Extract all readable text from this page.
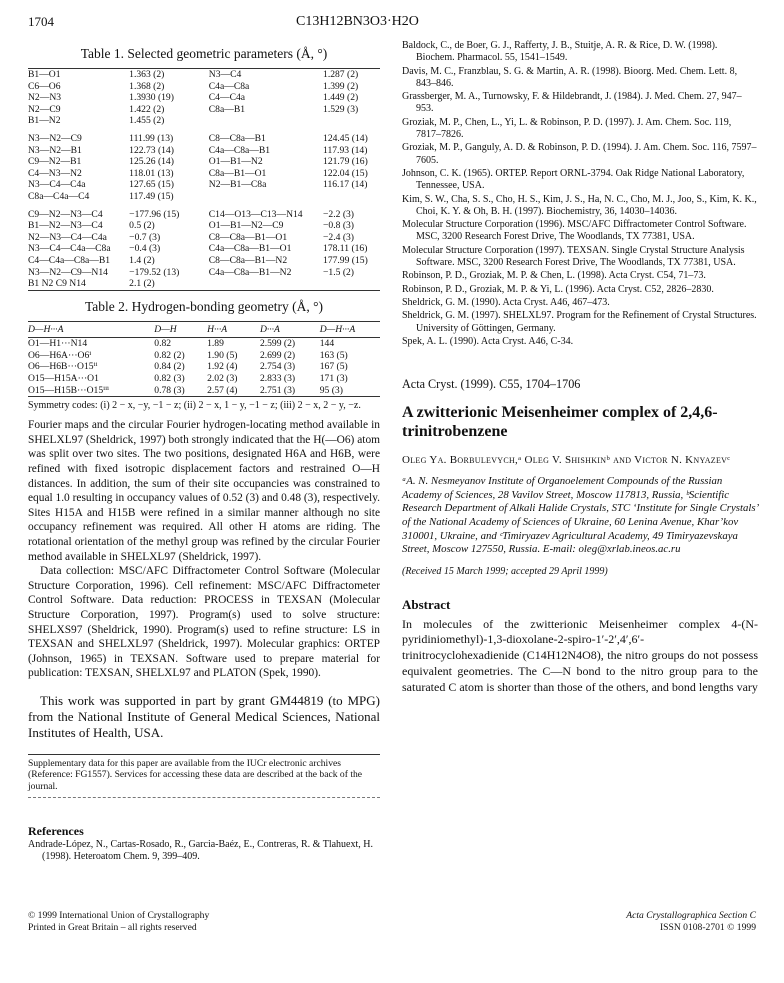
1704	C13H12BN3O3·H2O
Table 1. Selected geometric parameters (Å, °)
B1—O1	1.363 (2)	N3—C4	1.287 (2)
C6—O6	1.368 (2)	C4a—C8a	1.399 (2)
N2—N3	1.3930 (19)	C4—C4a	1.449 (2)
N2—C9	1.422 (2)	C8a—B1	1.529 (3)
B1—N2	1.455 (2)		
N3—N2—C9	111.99 (13)	C8—C8a—B1	124.45 (14)
N3—N2—B1	122.73 (14)	C4a—C8a—B1	117.93 (14)
C9—N2—B1	125.26 (14)	O1—B1—N2	121.79 (16)
C4—N3—N2	118.01 (13)	C8a—B1—O1	122.04 (15)
N3—C4—C4a	127.65 (15)	N2—B1—C8a	116.17 (14)
C8a—C4a—C4	117.49 (15)		
C9—N2—N3—C4	−177.96 (15)	C14—O13—C13—N14	−2.2 (3)
B1—N2—N3—C4	0.5 (2)	O1—B1—N2—C9	−0.8 (3)
N2—N3—C4—C4a	−0.7 (3)	C8—C8a—B1—O1	−2.4 (3)
N3—C4—C4a—C8a	−0.4 (3)	C4a—C8a—B1—O1	178.11 (16)
C4—C4a—C8a—B1	1.4 (2)	C8—C8a—B1—N2	177.99 (15)
N3—N2—C9—N14	−179.52 (13)	C4a—C8a—B1—N2	−1.5 (2)
B1 N2 C9 N14	2.1 (2)		
Table 2. Hydrogen-bonding geometry (Å, °)
D—H···A	D—H	H···A	D···A	D—H···A
O1—H1···N14	0.82	1.89	2.599 (2)	144
O6—H6A···O6ⁱ	0.82 (2)	1.90 (5)	2.699 (2)	163 (5)
O6—H6B···O15ⁱⁱ	0.84 (2)	1.92 (4)	2.754 (3)	167 (5)
O15—H15A···O1	0.82 (3)	2.02 (3)	2.833 (3)	171 (3)
O15—H15B···O15ⁱⁱⁱ	0.78 (3)	2.57 (4)	2.751 (3)	95 (3)
Symmetry codes: (i) 2 − x, −y, −1 − z; (ii) 2 − x, 1 − y, −1 − z; (iii) 2 − x, 2 − y, −z.

Fourier maps and the circular Fourier hydrogen-locating method available in SHELXL97 (Sheldrick, 1997) both strongly indicated that the H(—O6) atom was split over two sites. The two positions, designated H6A and H6B, were refined with fixed isotropic displacement factors and restrained O—H distances. In addition, the sum of their site occupancies was constrained to equal 1.0 resulting in occupancy values of 0.52 (3) and 0.48 (3), respectively. Sites H15A and H15B were refined in a similar manner although no site occupancy refinement was required. All other H atoms are riding. The rotational orientation of the methyl group was refined by the circular Fourier method available in SHELXL97 (Sheldrick, 1997).

Data collection: MSC/AFC Diffractometer Control Software (Molecular Structure Corporation, 1996). Cell refinement: MSC/AFC Diffractometer Control Software. Data reduction: PROCESS in TEXSAN (Molecular Structure Corporation, 1997). Program(s) used to solve structure: SHELXS97 (Sheldrick, 1990). Program(s) used to refine structure: LS in TEXSAN and SHELXL97 (Sheldrick, 1997). Molecular graphics: ORTEP (Johnson, 1965) in TEXSAN. Software used to prepare material for publication: TEXSAN, SHELXL97 and PLATON (Spek, 1990).

This work was supported in part by grant GM44819 (to MPG) from the National Institute of General Medical Sciences, National Institutes of Health, USA.

Supplementary data for this paper are available from the IUCr electronic archives (Reference: FG1557). Services for accessing these data are described at the back of the journal.
References

Andrade-López, N., Cartas-Rosado, R., Garcia-Baéz, E., Contreras, R. & Tlahuext, H. (1998). Heteroatom Chem. 9, 399–409.

Baldock, C., de Boer, G. J., Rafferty, J. B., Stuitje, A. R. & Rice, D. W. (1998). Biochem. Pharmacol. 55, 1541–1549.

Davis, M. C., Franzblau, S. G. & Martin, A. R. (1998). Bioorg. Med. Chem. Lett. 8, 843–846.

Grassberger, M. A., Turnowsky, F. & Hildebrandt, J. (1984). J. Med. Chem. 27, 947–953.

Groziak, M. P., Chen, L., Yi, L. & Robinson, P. D. (1997). J. Am. Chem. Soc. 119, 7817–7826.

Groziak, M. P., Ganguly, A. D. & Robinson, P. D. (1994). J. Am. Chem. Soc. 116, 7597–7605.

Johnson, C. K. (1965). ORTEP. Report ORNL-3794. Oak Ridge National Laboratory, Tennessee, USA.

Kim, S. W., Cha, S. S., Cho, H. S., Kim, J. S., Ha, N. C., Cho, M. J., Joo, S., Kim, K. K., Choi, K. Y. & Oh, B. H. (1997). Biochemistry, 36, 14030–14036.

Molecular Structure Corporation (1996). MSC/AFC Diffractometer Control Software. MSC, 3200 Research Forest Drive, The Woodlands, TX 77381, USA.

Molecular Structure Corporation (1997). TEXSAN. Single Crystal Structure Analysis Software. MSC, 3200 Research Forest Drive, The Woodlands, TX 77381, USA.

Robinson, P. D., Groziak, M. P. & Chen, L. (1998). Acta Cryst. C54, 71–73.

Robinson, P. D., Groziak, M. P. & Yi, L. (1996). Acta Cryst. C52, 2826–2830.

Sheldrick, G. M. (1990). Acta Cryst. A46, 467–473.

Sheldrick, G. M. (1997). SHELXL97. Program for the Refinement of Crystal Structures. University of Göttingen, Germany.

Spek, A. L. (1990). Acta Cryst. A46, C-34.

Acta Cryst. (1999). C55, 1704–1706
A zwitterionic Meisenheimer complex of 2,4,6-trinitrobenzene
Oleg Ya. Borbulevych,ᵃ Oleg V. Shishkinᵇ and Victor N. Knyazevᶜ
ᵃA. N. Nesmeyanov Institute of Organoelement Compounds of the Russian Academy of Sciences, 28 Vavilov Street, Moscow 117813, Russia, ᵇScientific Research Department of Alkali Halide Crystals, STC ‘Institute for Single Crystals’ of the National Academy of Sciences of Ukraine, 60 Lenina Avenue, Khar’kov 310001, Ukraine, and ᶜTimiryazev Agricultural Academy, 49 Timiryazevskaya Street, Moscow 127550, Russia. E-mail: oleg@xrlab.ineos.ac.ru
(Received 15 March 1999; accepted 29 April 1999)
Abstract
In molecules of the zwitterionic Meisenheimer complex 4-(N-pyridiniomethyl)-1,3-dioxolane-2-spiro-1′-2′,4′,6′-trinitrocyclohexadienide (C14H12N4O8), the nitro groups do not possess equivalent geometries. The C—N bond to the nitro group para to the saturated C atom is shorter than those of the others, and bond lengths vary
© 1999 International Union of Crystallography
Printed in Great Britain – all rights reserved
Acta Crystallographica Section C
ISSN 0108-2701 © 1999
